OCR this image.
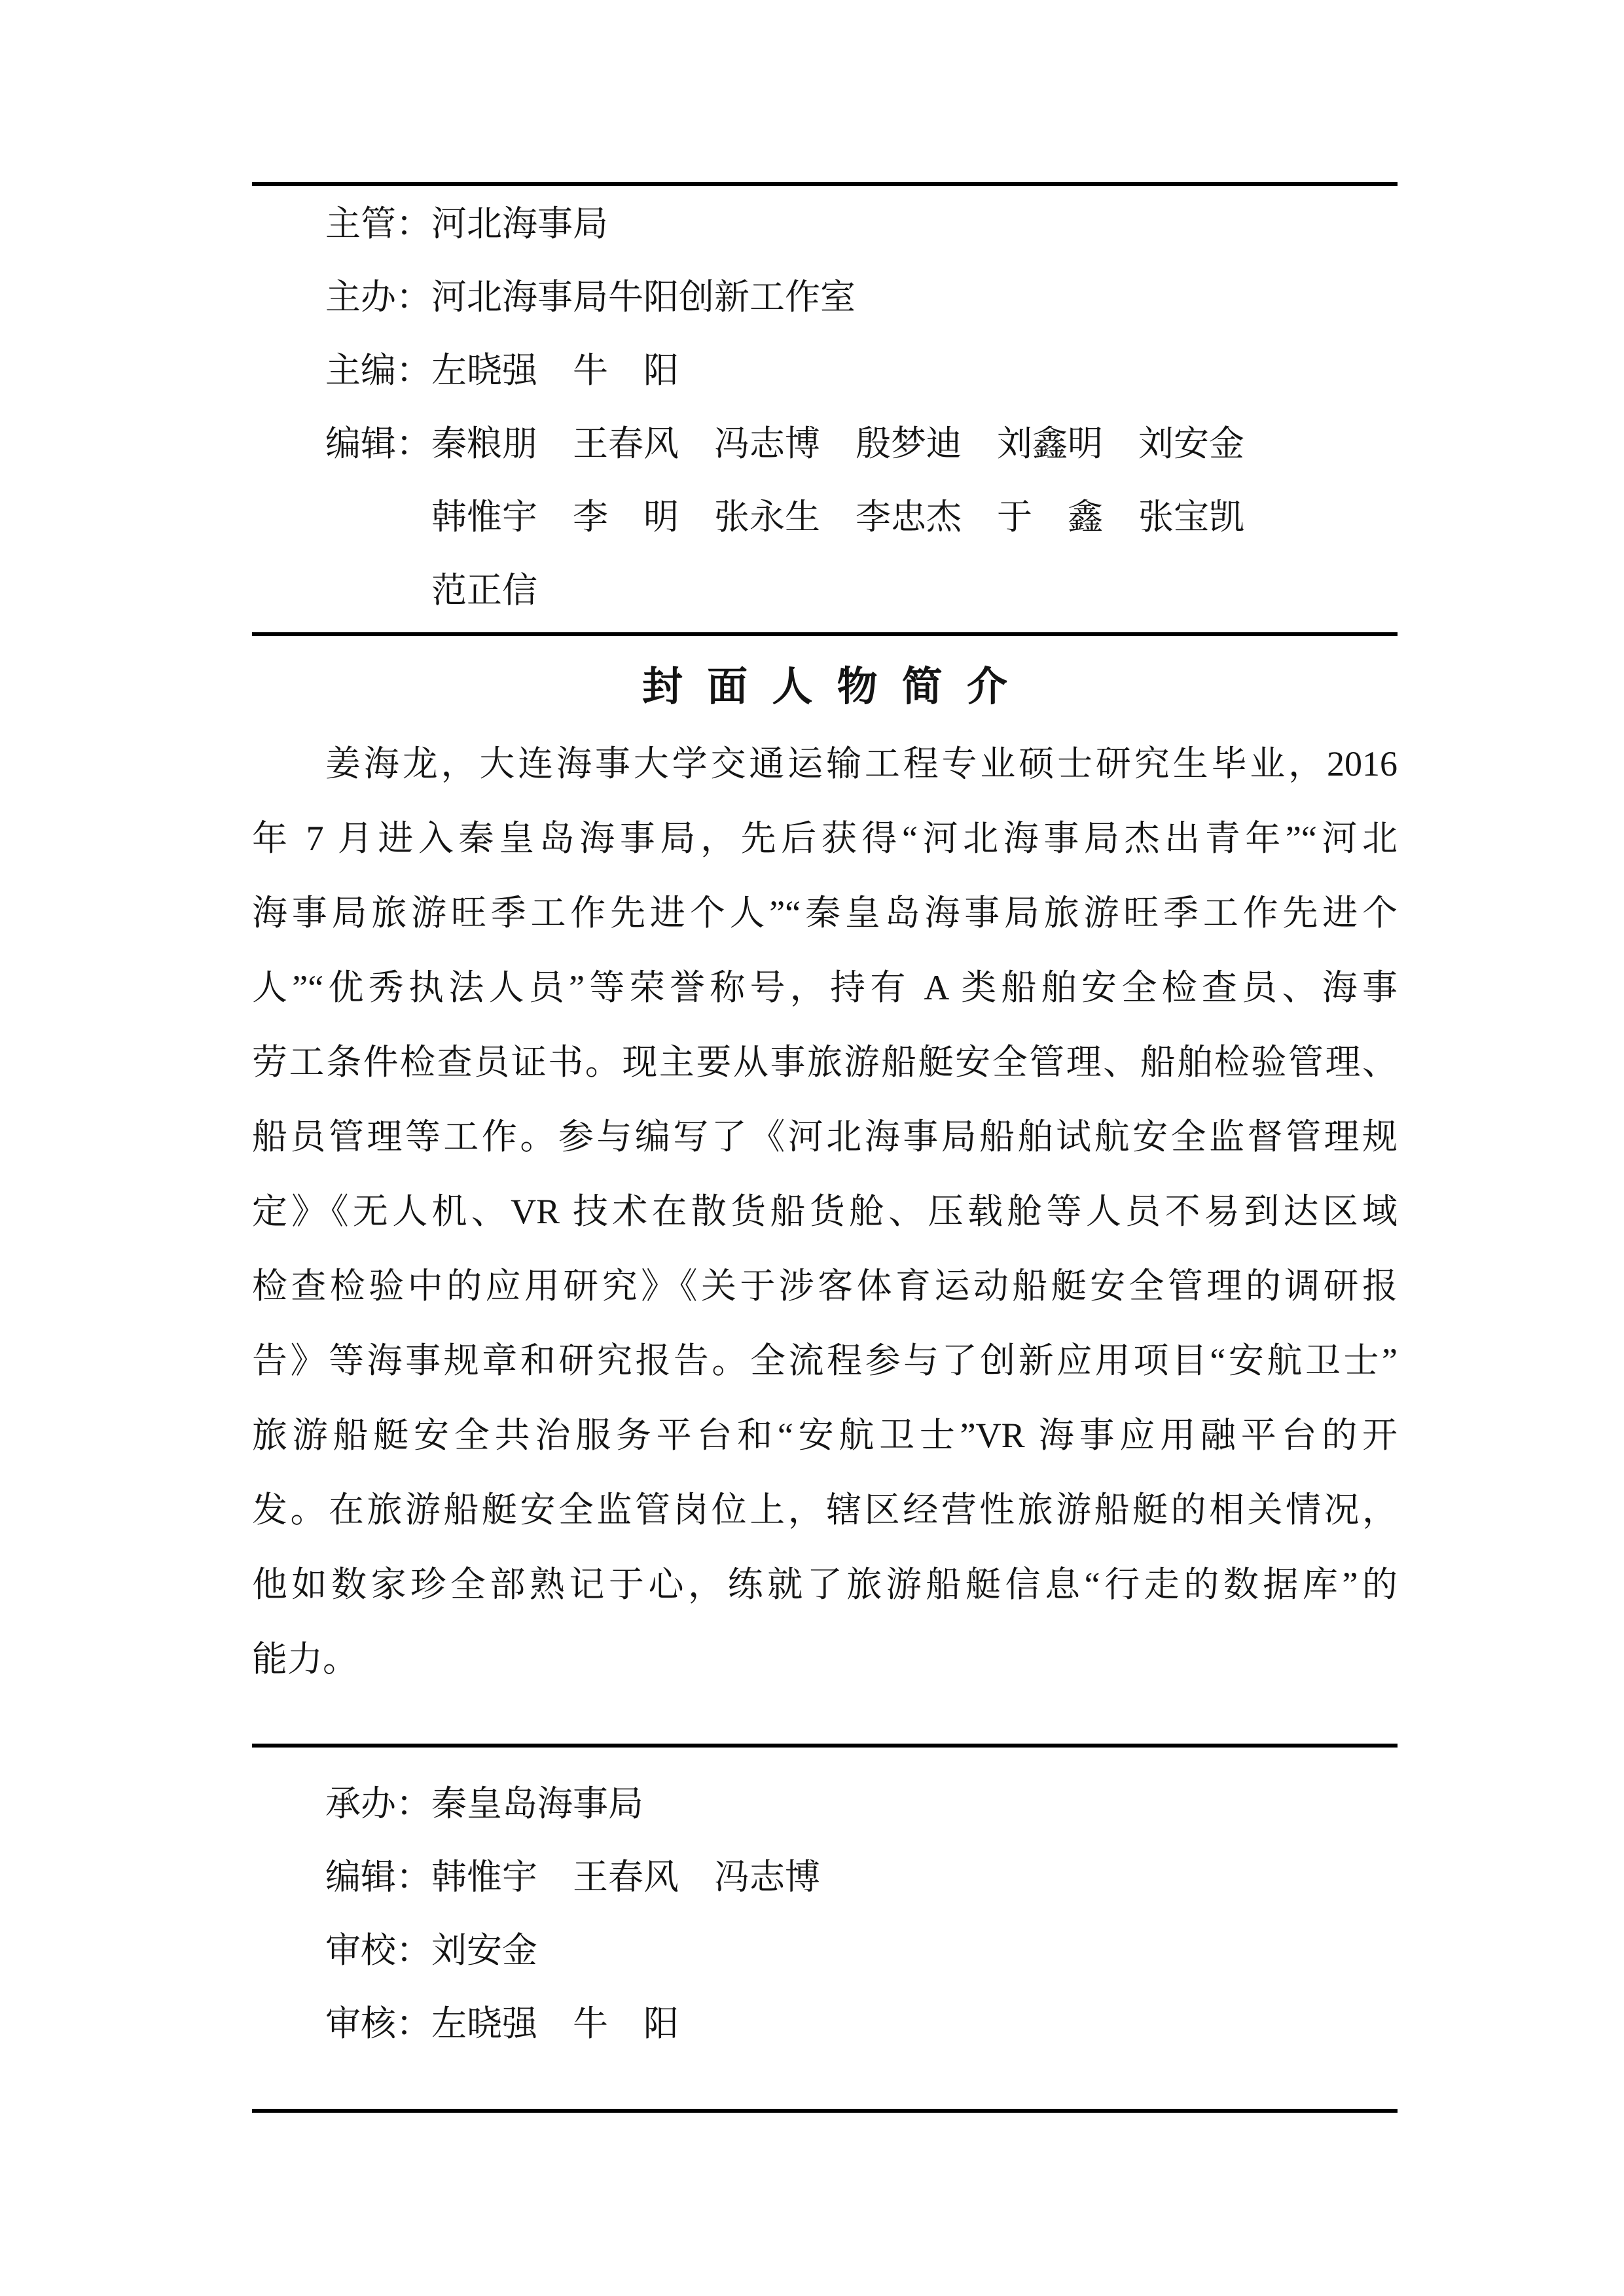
主管：河北海事局
主办：河北海事局牛阳创新工作室
主编：左晓强　牛　阳
编辑：秦粮朋　王春风　冯志博　殷梦迪　刘鑫明　刘安金
韩惟宇　李　明　张永生　李忠杰　于　鑫　张宝凯
范正信
封面人物简介
姜海龙，大连海事大学交通运输工程专业硕士研究生毕业，2016
年 7 月进入秦皇岛海事局，先后获得“河北海事局杰出青年”“河北
海事局旅游旺季工作先进个人”“秦皇岛海事局旅游旺季工作先进个
人”“优秀执法人员”等荣誉称号，持有 A 类船舶安全检查员、海事
劳工条件检查员证书。现主要从事旅游船艇安全管理、船舶检验管理、
船员管理等工作。参与编写了《河北海事局船舶试航安全监督管理规
定》《无人机、VR 技术在散货船货舱、压载舱等人员不易到达区域
检查检验中的应用研究》《关于涉客体育运动船艇安全管理的调研报
告》等海事规章和研究报告。全流程参与了创新应用项目“安航卫士”
旅游船艇安全共治服务平台和“安航卫士”VR 海事应用融平台的开
发。在旅游船艇安全监管岗位上，辖区经营性旅游船艇的相关情况，
他如数家珍全部熟记于心，练就了旅游船艇信息“行走的数据库”的
能力。
承办：秦皇岛海事局
编辑：韩惟宇　王春风　冯志博
审校：刘安金
审核：左晓强　牛　阳
